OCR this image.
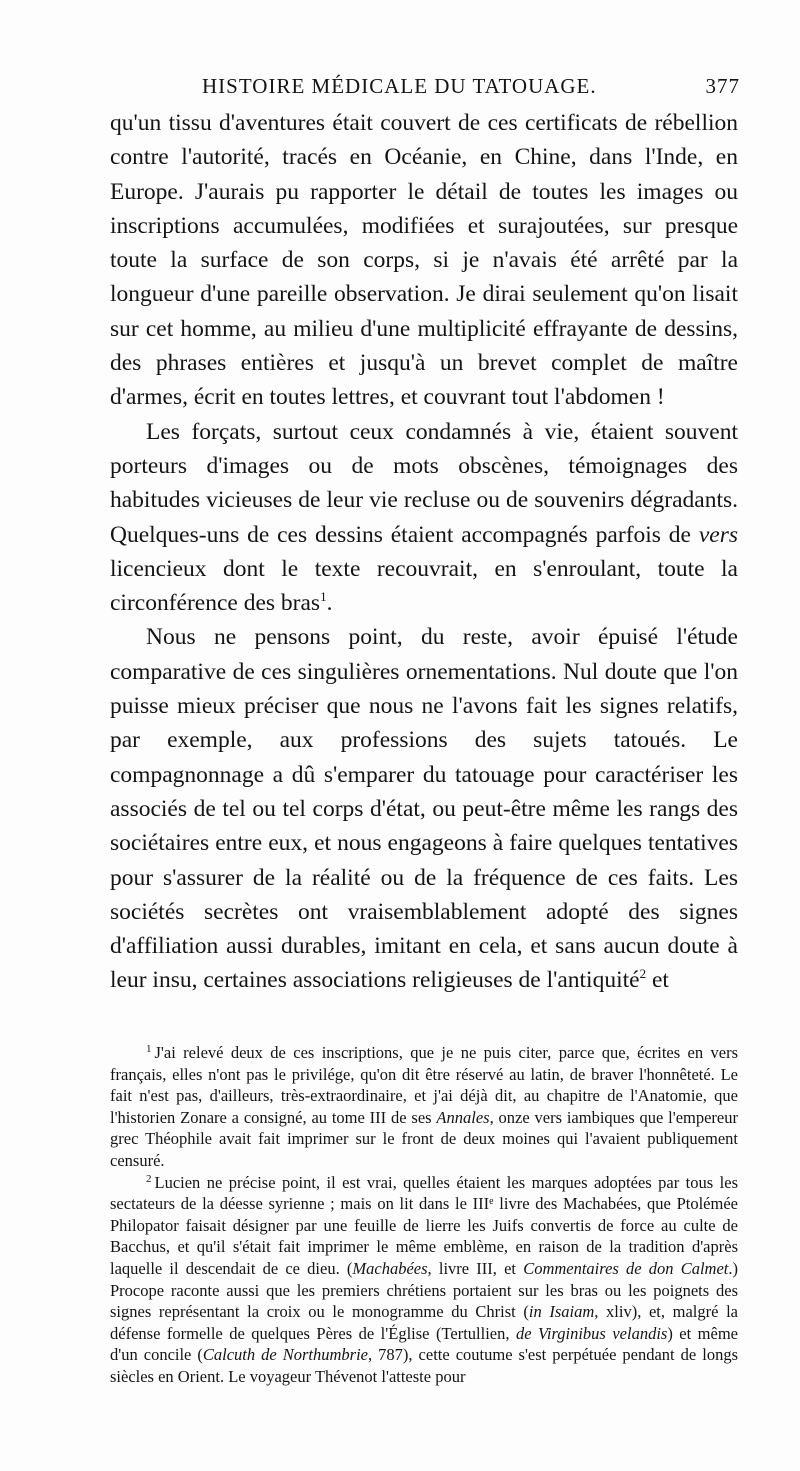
HISTOIRE MÉDICALE DU TATOUAGE.	377

qu'un tissu d'aventures était couvert de ces certificats de rébellion contre l'autorité, tracés en Océanie, en Chine, dans l'Inde, en Europe. J'aurais pu rapporter le détail de toutes les images ou inscriptions accumulées, modifiées et surajoutées, sur presque toute la surface de son corps, si je n'avais été arrêté par la longueur d'une pareille observation. Je dirai seulement qu'on lisait sur cet homme, au milieu d'une multiplicité effrayante de dessins, des phrases entières et jusqu'à un brevet complet de maître d'armes, écrit en toutes lettres, et couvrant tout l'abdomen !

Les forçats, surtout ceux condamnés à vie, étaient souvent porteurs d'images ou de mots obscènes, témoignages des habitudes vicieuses de leur vie recluse ou de souvenirs dégradants. Quelques-uns de ces dessins étaient accompagnés parfois de vers licencieux dont le texte recouvrait, en s'enroulant, toute la circonférence des bras$^1$.

Nous ne pensons point, du reste, avoir épuisé l'étude comparative de ces singulières ornementations. Nul doute que l'on puisse mieux préciser que nous ne l'avons fait les signes relatifs, par exemple, aux professions des sujets tatoués. Le compagnonnage a dû s'emparer du tatouage pour caractériser les associés de tel ou tel corps d'état, ou peut-être même les rangs des sociétaires entre eux, et nous engageons à faire quelques tentatives pour s'assurer de la réalité ou de la fréquence de ces faits. Les sociétés secrètes ont vraisemblablement adopté des signes d'affiliation aussi durables, imitant en cela, et sans aucun doute à leur insu, certaines associations religieuses de l'antiquité$^2$ et

$^1$ J'ai relevé deux de ces inscriptions, que je ne puis citer, parce que, écrites en vers français, elles n'ont pas le privilége, qu'on dit être réservé au latin, de braver l'honnêteté. Le fait n'est pas, d'ailleurs, très-extraordinaire, et j'ai déjà dit, au chapitre de l'Anatomie, que l'historien Zonare a consigné, au tome III de ses Annales, onze vers iambiques que l'empereur grec Théophile avait fait imprimer sur le front de deux moines qui l'avaient publiquement censuré.

$^2$ Lucien ne précise point, il est vrai, quelles étaient les marques adoptées par tous les sectateurs de la déesse syrienne ; mais on lit dans le IIIe livre des Machabées, que Ptolémée Philopator faisait désigner par une feuille de lierre les Juifs convertis de force au culte de Bacchus, et qu'il s'était fait imprimer le même emblème, en raison de la tradition d'après laquelle il descendait de ce dieu. (Machabées, livre III, et Commentaires de don Calmet.) Procope raconte aussi que les premiers chrétiens portaient sur les bras ou les poignets des signes représentant la croix ou le monogramme du Christ (in Isaiam, xliv), et, malgré la défense formelle de quelques Pères de l'Église (Tertullien, de Virginibus velandis) et même d'un concile (Calcuth de Northumbrie, 787), cette coutume s'est perpétuée pendant de longs siècles en Orient. Le voyageur Thévenot l'atteste pour
